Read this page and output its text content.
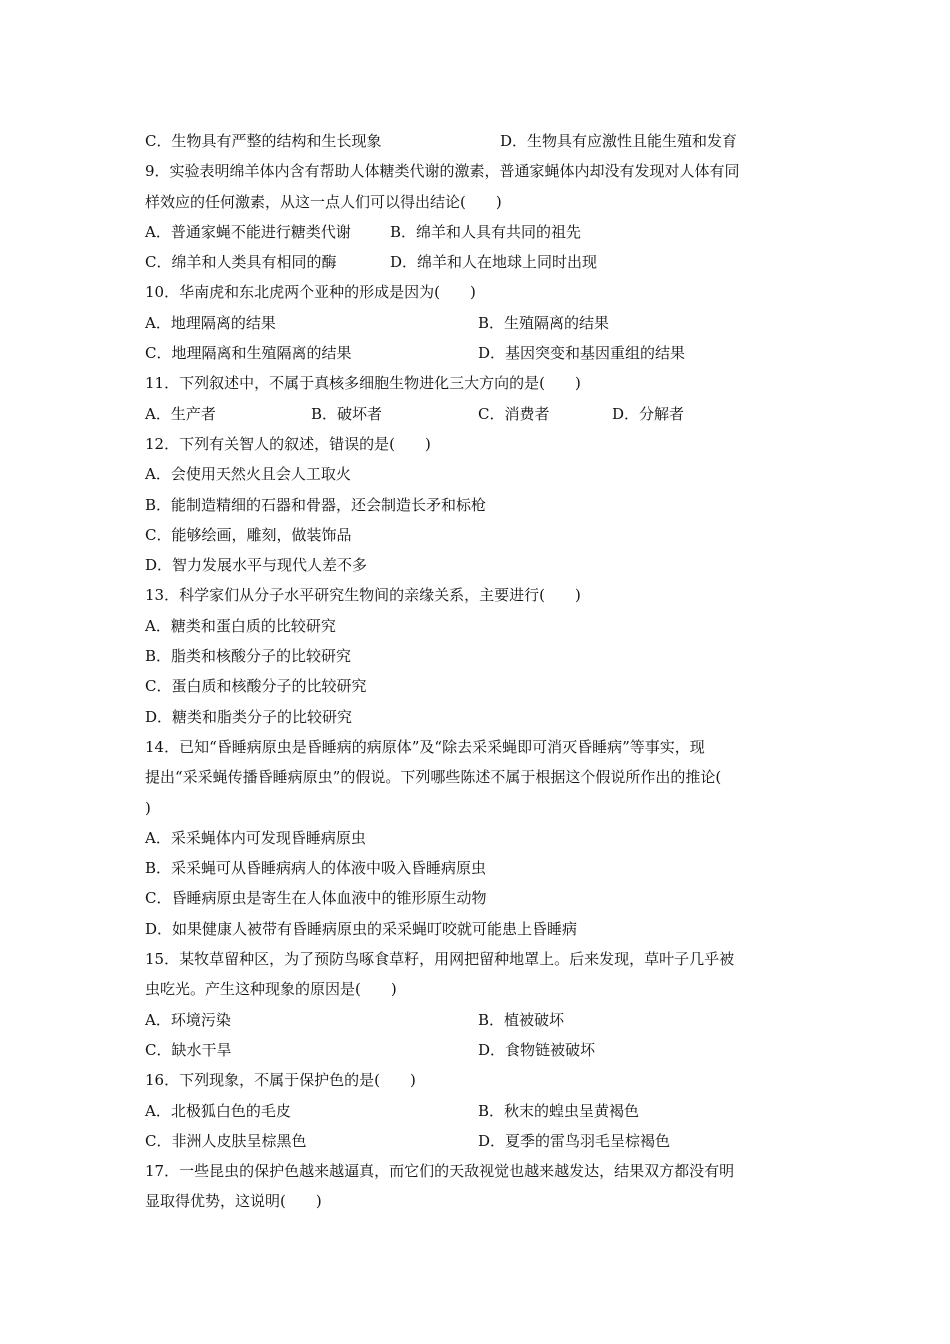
C．生物具有严整的结构和生长现象	D．生物具有应激性且能生殖和发育
9．实验表明绵羊体内含有帮助人体糖类代谢的激素，普通家蝇体内却没有发现对人体有同
样效应的任何激素，从这一点人们可以得出结论(　　)
A．普通家蝇不能进行糖类代谢	B．绵羊和人具有共同的祖先
C．绵羊和人类具有相同的酶	D．绵羊和人在地球上同时出现
10．华南虎和东北虎两个亚种的形成是因为(　　)
A．地理隔离的结果	B．生殖隔离的结果
C．地理隔离和生殖隔离的结果	D．基因突变和基因重组的结果
11．下列叙述中，不属于真核多细胞生物进化三大方向的是(　　)
A．生产者	B．破坏者	C．消费者	D．分解者
12．下列有关智人的叙述，错误的是(　　)
A．会使用天然火且会人工取火
B．能制造精细的石器和骨器，还会制造长矛和标枪
C．能够绘画，雕刻，做装饰品
D．智力发展水平与现代人差不多
13．科学家们从分子水平研究生物间的亲缘关系，主要进行(　　)
A．糖类和蛋白质的比较研究
B．脂类和核酸分子的比较研究
C．蛋白质和核酸分子的比较研究
D．糖类和脂类分子的比较研究
14．已知“昏睡病原虫是昏睡病的病原体”及“除去采采蝇即可消灭昏睡病”等事实，现
提出“采采蝇传播昏睡病原虫”的假说。下列哪些陈述不属于根据这个假说所作出的推论(
)
A．采采蝇体内可发现昏睡病原虫
B．采采蝇可从昏睡病病人的体液中吸入昏睡病原虫
C．昏睡病原虫是寄生在人体血液中的锥形原生动物
D．如果健康人被带有昏睡病原虫的采采蝇叮咬就可能患上昏睡病
15．某牧草留种区，为了预防鸟啄食草籽，用网把留种地罩上。后来发现，草叶子几乎被
虫吃光。产生这种现象的原因是(　　)
A．环境污染	B．植被破坏
C．缺水干旱	D．食物链被破坏
16．下列现象，不属于保护色的是(　　)
A．北极狐白色的毛皮	B．秋末的蝗虫呈黄褐色
C．非洲人皮肤呈棕黑色	D．夏季的雷鸟羽毛呈棕褐色
17．一些昆虫的保护色越来越逼真，而它们的天敌视觉也越来越发达，结果双方都没有明
显取得优势，这说明(　　)
